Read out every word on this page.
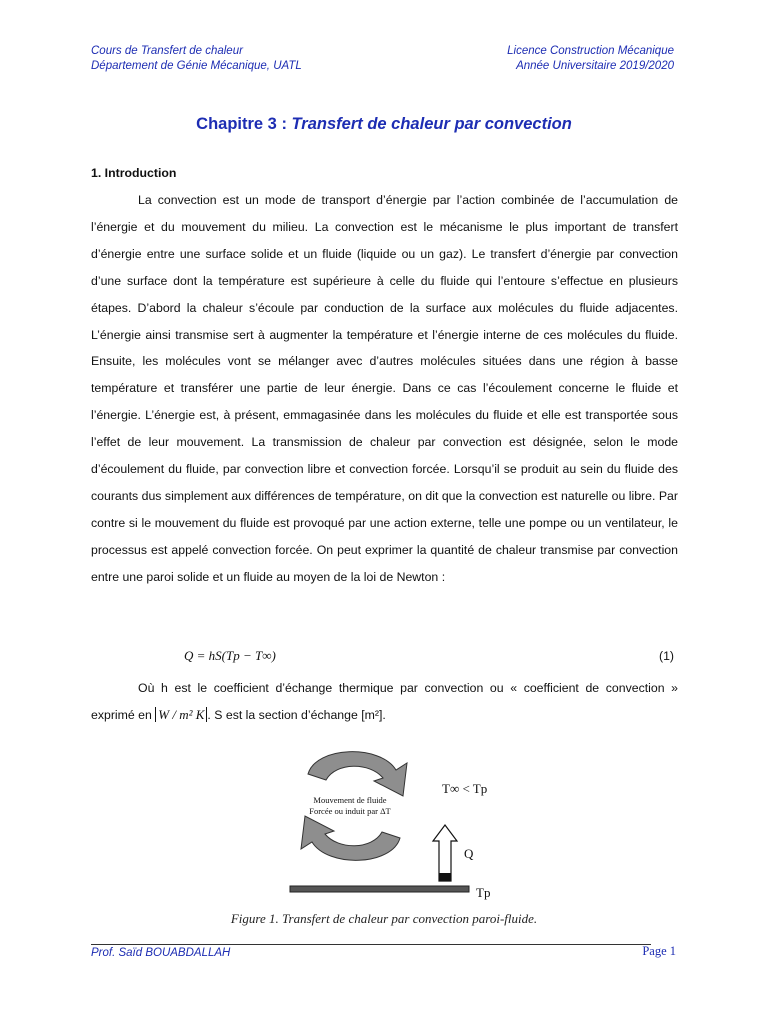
Cours de Transfert de chaleur
Département de Génie Mécanique, UATL
Licence Construction Mécanique
Année Universitaire 2019/2020
Chapitre 3 : Transfert de chaleur par convection
1. Introduction
La convection est un mode de transport d’énergie par l’action combinée de l’accumulation de l’énergie et du mouvement du milieu. La convection est le mécanisme le plus important de transfert d’énergie entre une surface solide et un fluide (liquide ou un gaz). Le transfert d’énergie par convection d’une surface dont la température est supérieure à celle du fluide qui l’entoure s’effectue en plusieurs étapes. D’abord la chaleur s’écoule par conduction de la surface aux molécules du fluide adjacentes. L’énergie ainsi transmise sert à augmenter la température et l’énergie interne de ces molécules du fluide. Ensuite, les molécules vont se mélanger avec d’autres molécules situées dans une région à basse température et transférer une partie de leur énergie. Dans ce cas l’écoulement concerne le fluide et l’énergie. L’énergie est, à présent, emmagasinée dans les molécules du fluide et elle est transportée sous l’effet de leur mouvement. La transmission de chaleur par convection est désignée, selon le mode d’écoulement du fluide, par convection libre et convection forcée. Lorsqu’il se produit au sein du fluide des courants dus simplement aux différences de température, on dit que la convection est naturelle ou libre. Par contre si le mouvement du fluide est provoqué par une action externe, telle une pompe ou un ventilateur, le processus est appelé convection forcée. On peut exprimer la quantité de chaleur transmise par convection entre une paroi solide et un fluide au moyen de la loi de Newton :
Q = hS(Tp − T∞)	(1)
Où h est le coefficient d’échange thermique par convection ou « coefficient de convection » exprimé en W / m² K . S est la section d’échange [m²].
Mouvement de fluide
Forcée ou induit par ΔT
T∞ < Tp
Q
Tp
Figure 1. Transfert de chaleur par convection paroi-fluide.
Prof. Saïd BOUABDALLAH	Page 1
